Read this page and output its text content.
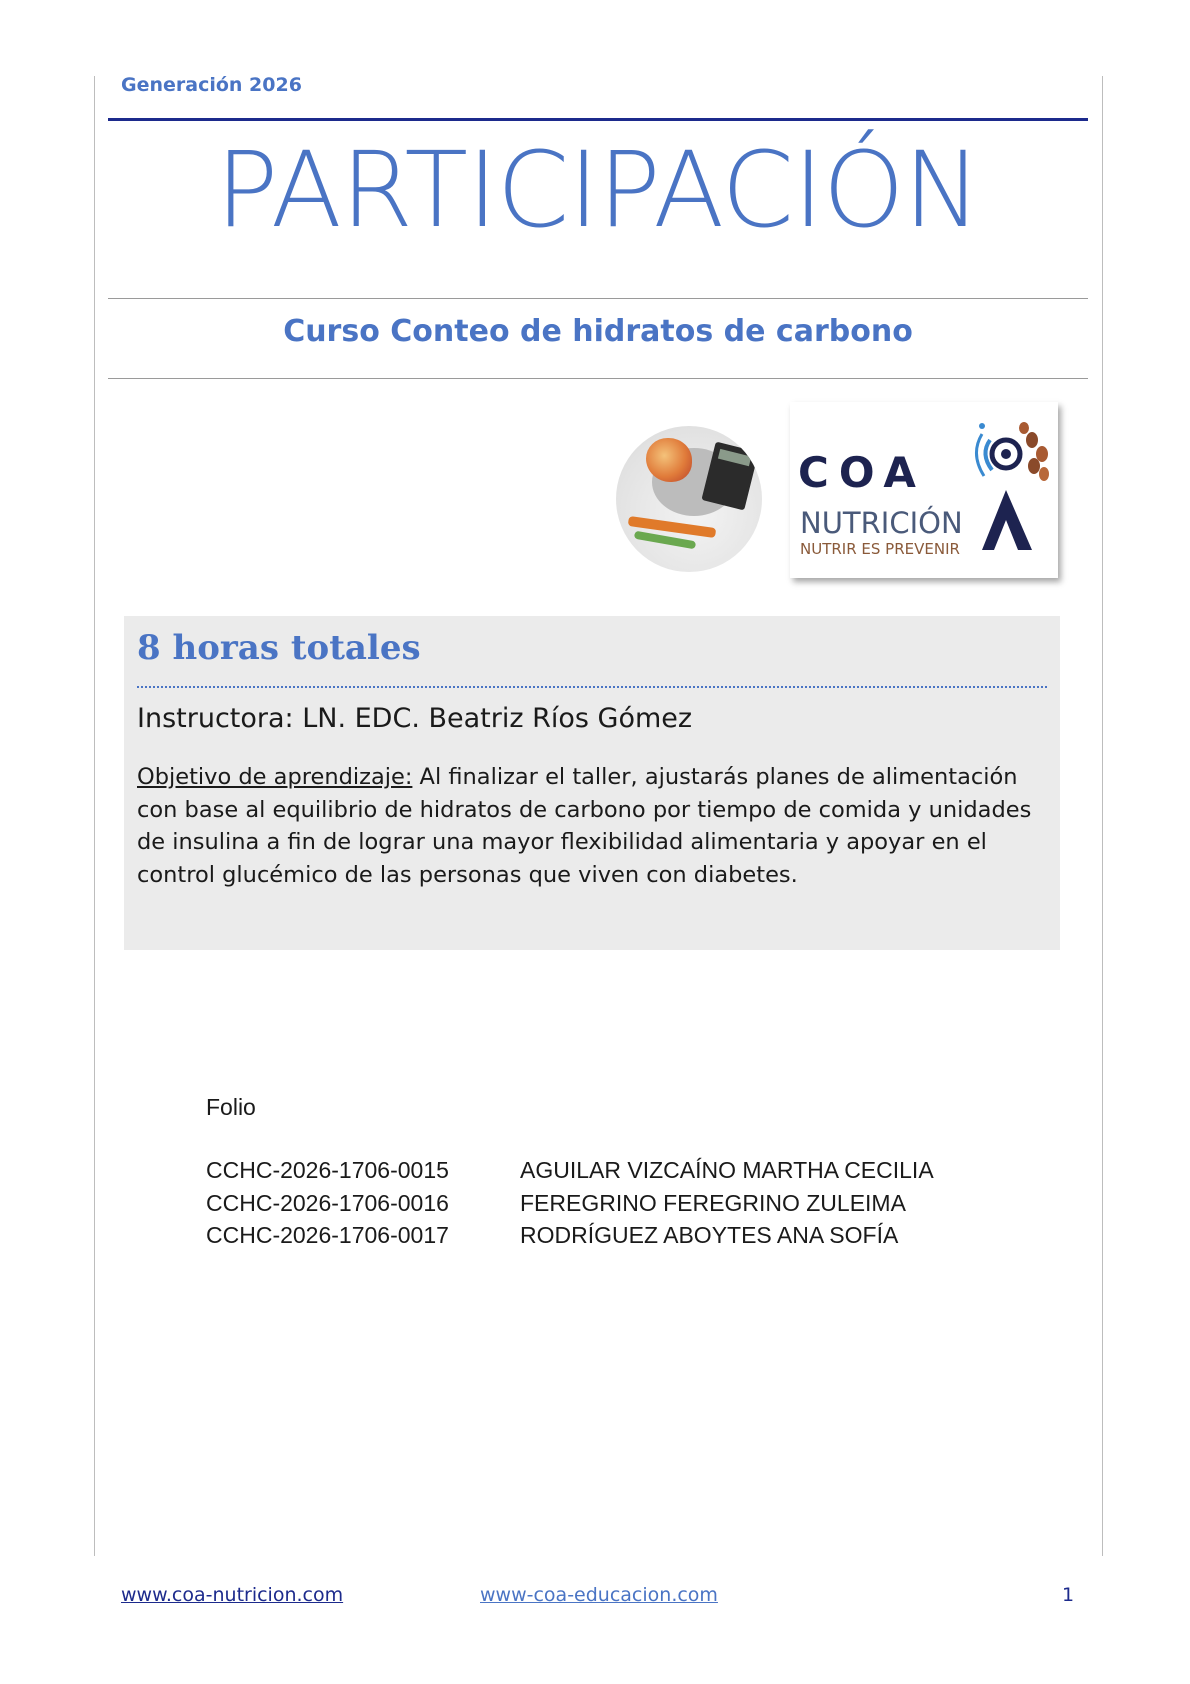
Generación 2026
PARTICIPACIÓN
Curso Conteo de hidratos de carbono
COA
NUTRICIÓN
NUTRIR ES PREVENIR
8 horas totales
Instructora: LN. EDC. Beatriz Ríos Gómez
Objetivo de aprendizaje: Al finalizar el taller, ajustarás planes de alimentación con base al equilibrio de hidratos de carbono por tiempo de comida y unidades de insulina a fin de lograr una mayor flexibilidad alimentaria y apoyar en el control glucémico de las personas que viven con diabetes.
Folio
CCHC-2026-1706-0015	AGUILAR VIZCAÍNO MARTHA CECILIA
CCHC-2026-1706-0016	FEREGRINO FEREGRINO ZULEIMA
CCHC-2026-1706-0017	RODRÍGUEZ ABOYTES ANA SOFÍA
www.coa-nutricion.com	www-coa-educacion.com	1
